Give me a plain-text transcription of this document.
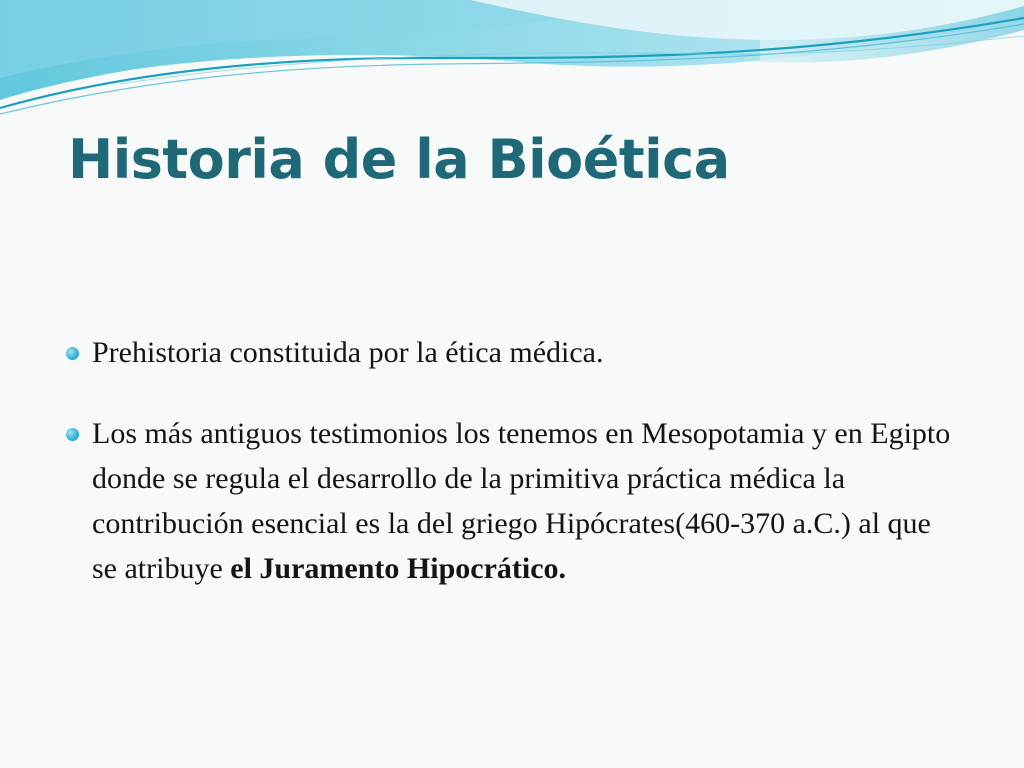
Historia de la Bioética
Prehistoria constituida por la ética médica.
Los más antiguos testimonios los tenemos en Mesopotamia y en Egipto donde se regula el desarrollo de la primitiva práctica médica la contribución esencial es la del griego Hipócrates(460-370 a.C.) al que se atribuye el Juramento Hipocrático.
